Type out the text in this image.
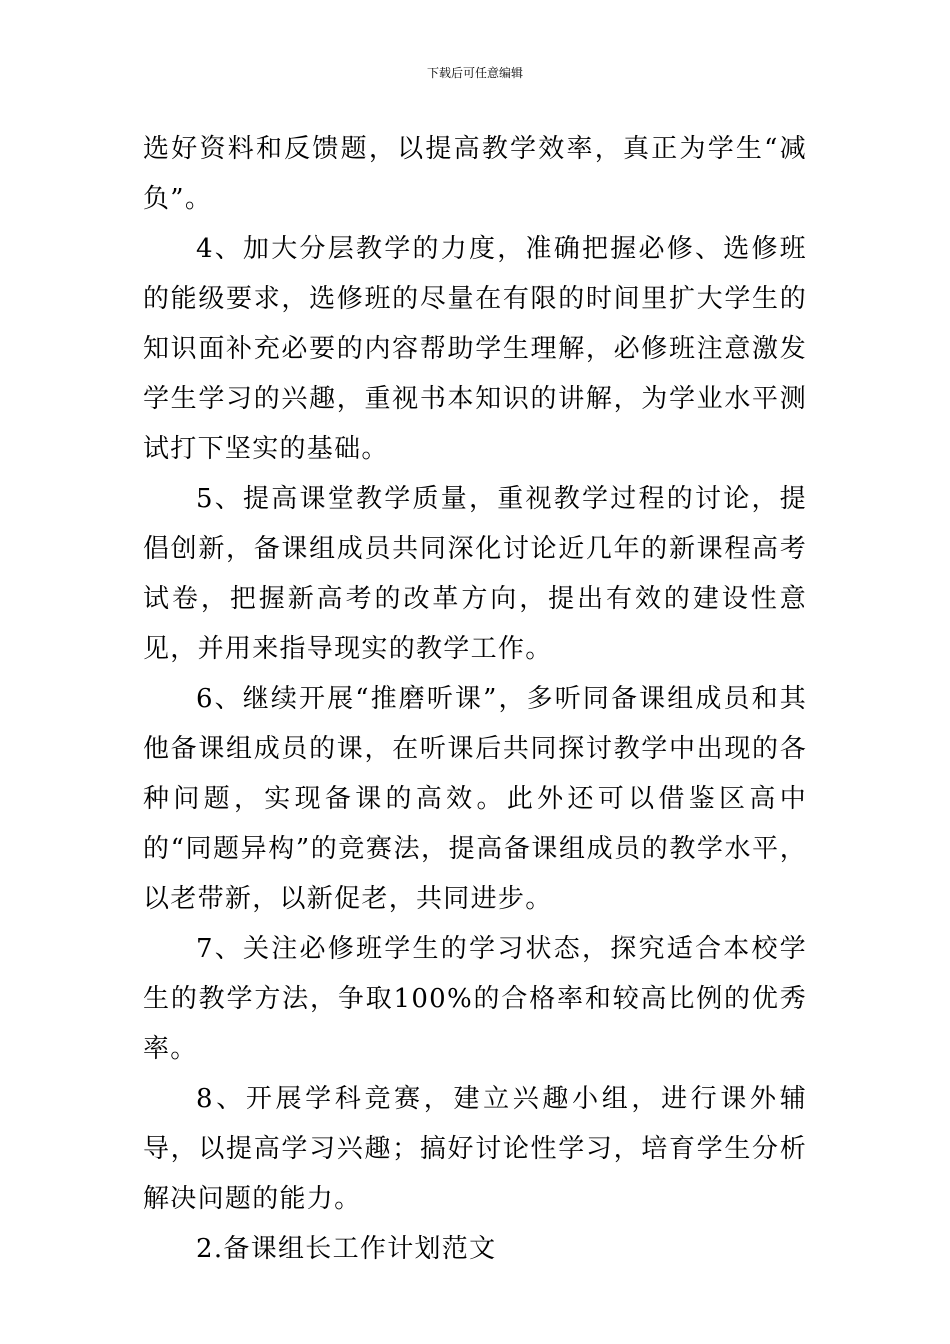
下载后可任意编辑

选好资料和反馈题，以提高教学效率，真正为学生“减负”。

4、加大分层教学的力度，准确把握必修、选修班的能级要求，选修班的尽量在有限的时间里扩大学生的知识面补充必要的内容帮助学生理解，必修班注意激发学生学习的兴趣，重视书本知识的讲解，为学业水平测试打下坚实的基础。

5、提高课堂教学质量，重视教学过程的讨论，提倡创新，备课组成员共同深化讨论近几年的新课程高考试卷，把握新高考的改革方向，提出有效的建设性意见，并用来指导现实的教学工作。

6、继续开展“推磨听课”，多听同备课组成员和其他备课组成员的课，在听课后共同探讨教学中出现的各种问题，实现备课的高效。此外还可以借鉴区高中的“同题异构”的竞赛法，提高备课组成员的教学水平，以老带新，以新促老，共同进步。

7、关注必修班学生的学习状态，探究适合本校学生的教学方法，争取100%的合格率和较高比例的优秀率。

8、开展学科竞赛，建立兴趣小组，进行课外辅导，以提高学习兴趣；搞好讨论性学习，培育学生分析解决问题的能力。

2.备课组长工作计划范文
